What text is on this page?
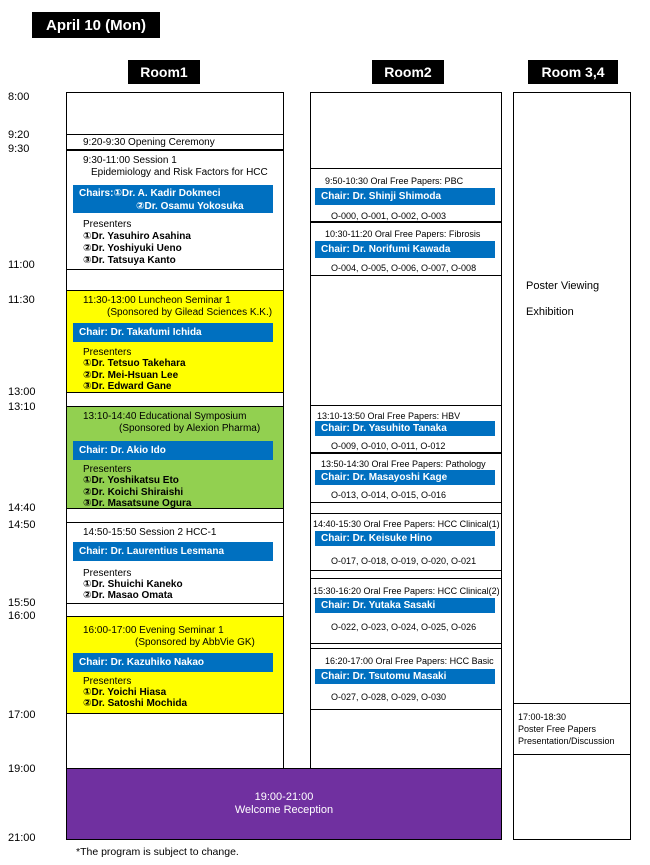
April 10 (Mon)
Room1	Room2	Room 3,4
8:00
9:20
9:30
11:00
11:30
13:00
13:10
14:40
14:50
15:50
16:00
17:00
19:00
21:00
9:20-9:30 Opening Ceremony
9:30-11:00 Session 1
Epidemiology and Risk Factors for HCC
Chairs:①Dr. A. Kadir Dokmeci
②Dr. Osamu Yokosuka
Presenters
①Dr. Yasuhiro Asahina
②Dr. Yoshiyuki Ueno
③Dr. Tatsuya Kanto
11:30-13:00 Luncheon Seminar 1
(Sponsored by Gilead Sciences K.K.)
Chair: Dr. Takafumi Ichida
Presenters
①Dr. Tetsuo Takehara
②Dr. Mei-Hsuan Lee
③Dr. Edward Gane
13:10-14:40 Educational Symposium
(Sponsored by Alexion Pharma)
Chair: Dr. Akio Ido
Presenters
①Dr. Yoshikatsu Eto
②Dr. Koichi Shiraishi
③Dr. Masatsune Ogura
14:50-15:50 Session 2 HCC-1
Chair: Dr. Laurentius Lesmana
Presenters
①Dr. Shuichi Kaneko
②Dr. Masao Omata
16:00-17:00 Evening Seminar 1
(Sponsored by AbbVie GK)
Chair: Dr. Kazuhiko Nakao
Presenters
①Dr. Yoichi Hiasa
②Dr. Satoshi Mochida
19:00-21:00
Welcome Reception
9:50-10:30 Oral Free Papers: PBC
Chair: Dr. Shinji Shimoda
O-000, O-001, O-002, O-003
10:30-11:20 Oral Free Papers: Fibrosis
Chair: Dr. Norifumi Kawada
O-004, O-005, O-006, O-007, O-008
13:10-13:50 Oral Free Papers: HBV
Chair: Dr. Yasuhito Tanaka
O-009, O-010, O-011, O-012
13:50-14:30 Oral Free Papers: Pathology
Chair: Dr. Masayoshi Kage
O-013, O-014, O-015, O-016
14:40-15:30 Oral Free Papers: HCC Clinical(1)
Chair: Dr. Keisuke Hino
O-017, O-018, O-019, O-020, O-021
15:30-16:20 Oral Free Papers: HCC Clinical(2)
Chair: Dr. Yutaka Sasaki
O-022, O-023, O-024, O-025, O-026
16:20-17:00 Oral Free Papers: HCC Basic
Chair: Dr. Tsutomu Masaki
O-027, O-028, O-029, O-030
Poster Viewing
Exhibition
17:00-18:30
Poster Free Papers
Presentation/Discussion
*The program is subject to change.
